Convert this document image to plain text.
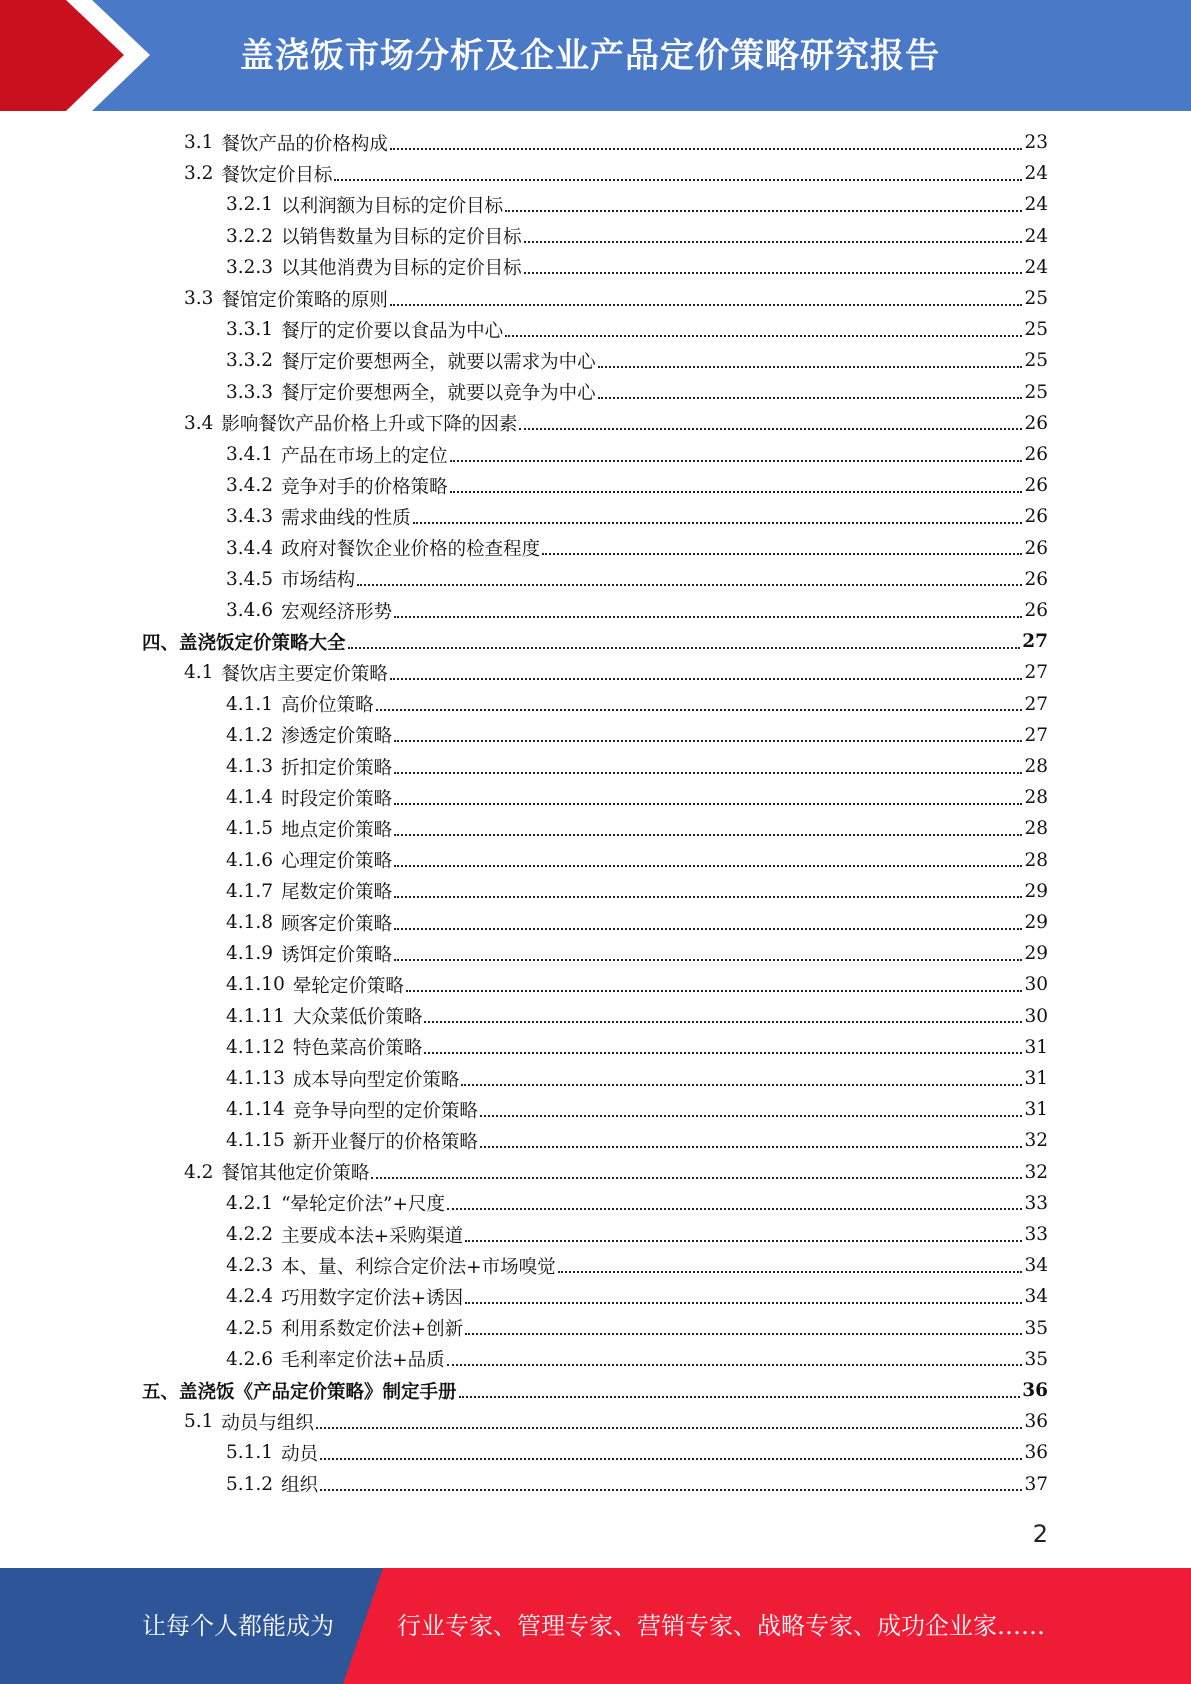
盖浇饭市场分析及企业产品定价策略研究报告
3.1 餐饮产品的价格构成	23
3.2 餐饮定价目标	24
3.2.1 以利润额为目标的定价目标	24
3.2.2 以销售数量为目标的定价目标	24
3.2.3 以其他消费为目标的定价目标	24
3.3 餐馆定价策略的原则	25
3.3.1 餐厅的定价要以食品为中心	25
3.3.2 餐厅定价要想两全，就要以需求为中心	25
3.3.3 餐厅定价要想两全，就要以竞争为中心	25
3.4 影响餐饮产品价格上升或下降的因素	26
3.4.1 产品在市场上的定位	26
3.4.2 竞争对手的价格策略	26
3.4.3 需求曲线的性质	26
3.4.4 政府对餐饮企业价格的检查程度	26
3.4.5 市场结构	26
3.4.6 宏观经济形势	26
四、盖浇饭定价策略大全	27
4.1 餐饮店主要定价策略	27
4.1.1 高价位策略	27
4.1.2 渗透定价策略	27
4.1.3 折扣定价策略	28
4.1.4 时段定价策略	28
4.1.5 地点定价策略	28
4.1.6 心理定价策略	28
4.1.7 尾数定价策略	29
4.1.8 顾客定价策略	29
4.1.9 诱饵定价策略	29
4.1.10 晕轮定价策略	30
4.1.11 大众菜低价策略	30
4.1.12 特色菜高价策略	31
4.1.13 成本导向型定价策略	31
4.1.14 竞争导向型的定价策略	31
4.1.15 新开业餐厅的价格策略	32
4.2 餐馆其他定价策略	32
4.2.1 “晕轮定价法”+尺度	33
4.2.2 主要成本法+采购渠道	33
4.2.3 本、量、利综合定价法+市场嗅觉	34
4.2.4 巧用数字定价法+诱因	34
4.2.5 利用系数定价法+创新	35
4.2.6 毛利率定价法+品质	35
五、盖浇饭《产品定价策略》制定手册	36
5.1 动员与组织	36
5.1.1 动员	36
5.1.2 组织	37
2
让每个人都能成为	行业专家、管理专家、营销专家、战略专家、成功企业家……
